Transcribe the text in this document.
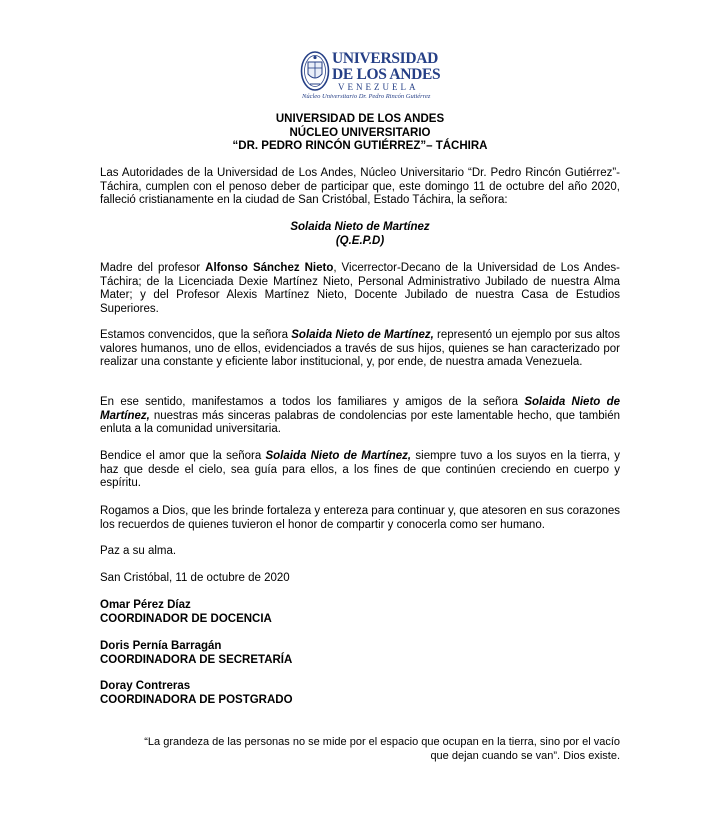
UNIVERSIDAD
DE LOS ANDES
VENEZUELA
Núcleo Universitario Dr. Pedro Rincón Gutiérrez
UNIVERSIDAD DE LOS ANDES
NÚCLEO UNIVERSITARIO
“DR. PEDRO RINCÓN GUTIÉRREZ”– TÁCHIRA

Las Autoridades de la Universidad de Los Andes, Núcleo Universitario “Dr. Pedro Rincón Gutiérrez”- Táchira, cumplen con el penoso deber de participar que, este domingo 11 de octubre del año 2020, falleció cristianamente en la ciudad de San Cristóbal, Estado Táchira, la señora:

Solaida Nieto de Martínez
(Q.E.P.D)

Madre del profesor Alfonso Sánchez Nieto, Vicerrector-Decano de la Universidad de Los Andes-Táchira; de la Licenciada Dexie Martínez Nieto, Personal Administrativo Jubilado de nuestra Alma Mater; y del Profesor Alexis Martínez Nieto, Docente Jubilado de nuestra Casa de Estudios Superiores.

Estamos convencidos, que la señora Solaida Nieto de Martínez, representó un ejemplo por sus altos valores humanos, uno de ellos, evidenciados a través de sus hijos, quienes se han caracterizado por realizar una constante y eficiente labor institucional, y, por ende, de nuestra amada Venezuela.

En ese sentido, manifestamos a todos los familiares y amigos de la señora Solaida Nieto de Martínez, nuestras más sinceras palabras de condolencias por este lamentable hecho, que también enluta a la comunidad universitaria.

Bendice el amor que la señora Solaida Nieto de Martínez, siempre tuvo a los suyos en la tierra, y haz que desde el cielo, sea guía para ellos, a los fines de que continúen creciendo en cuerpo y espíritu.

Rogamos a Dios, que les brinde fortaleza y entereza para continuar y, que atesoren en sus corazones los recuerdos de quienes tuvieron el honor de compartir y conocerla como ser humano.

Paz a su alma.

San Cristóbal, 11 de octubre de 2020

Omar Pérez Díaz
COORDINADOR DE DOCENCIA
Doris Pernía Barragán
COORDINADORA DE SECRETARÍA
Doray Contreras
COORDINADORA DE POSTGRADO
“La grandeza de las personas no se mide por el espacio que ocupan en la tierra, sino por el vacío
que dejan cuando se van”. Dios existe.
